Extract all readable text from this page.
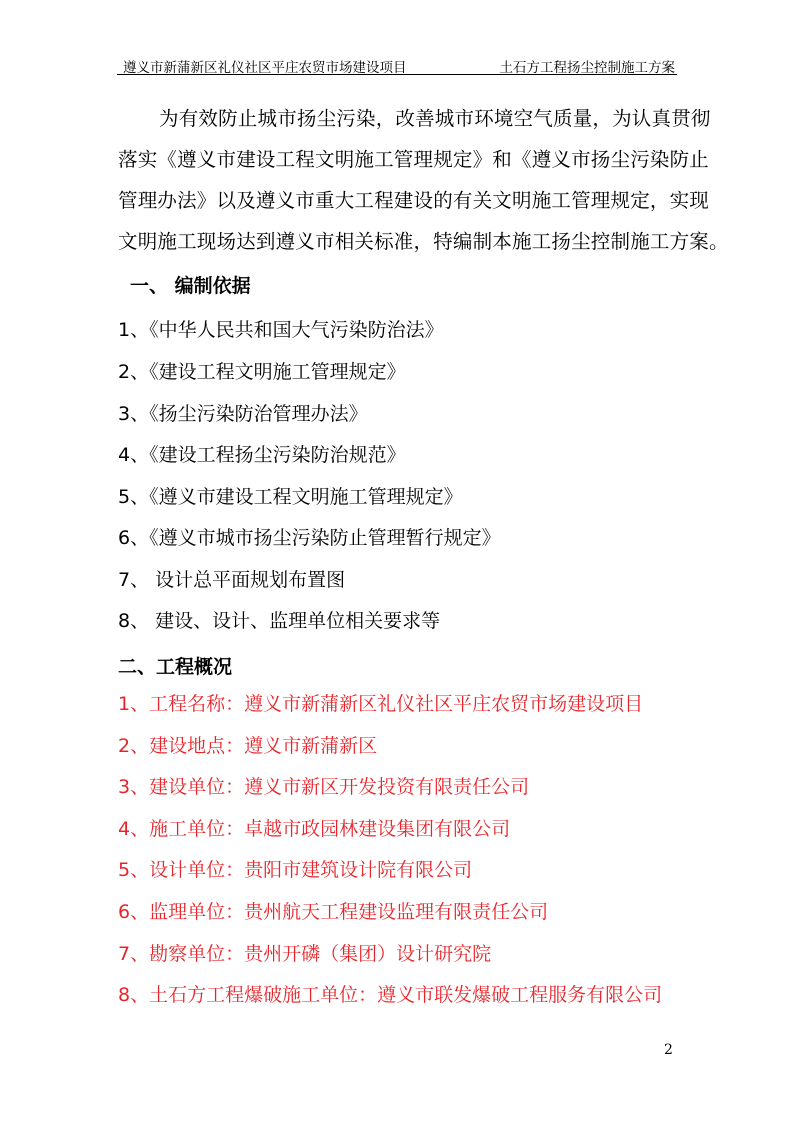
遵义市新蒲新区礼仪社区平庄农贸市场建设项目	土石方工程扬尘控制施工方案
为有效防止城市扬尘污染，改善城市环境空气质量，为认真贯彻
落实《遵义市建设工程文明施工管理规定》和《遵义市扬尘污染防止
管理办法》以及遵义市重大工程建设的有关文明施工管理规定，实现
文明施工现场达到遵义市相关标准，特编制本施工扬尘控制施工方案。
一、 编制依据
1、《中华人民共和国大气污染防治法》
2、《建设工程文明施工管理规定》
3、《扬尘污染防治管理办法》
4、《建设工程扬尘污染防治规范》
5、《遵义市建设工程文明施工管理规定》
6、《遵义市城市扬尘污染防止管理暂行规定》
7、 设计总平面规划布置图
8、 建设、设计、监理单位相关要求等
二、工程概况
1、工程名称：遵义市新蒲新区礼仪社区平庄农贸市场建设项目
2、建设地点：遵义市新蒲新区
3、建设单位：遵义市新区开发投资有限责任公司
4、施工单位：卓越市政园林建设集团有限公司
5、设计单位：贵阳市建筑设计院有限公司
6、监理单位：贵州航天工程建设监理有限责任公司
7、勘察单位：贵州开磷（集团）设计研究院
8、土石方工程爆破施工单位：遵义市联发爆破工程服务有限公司
2
